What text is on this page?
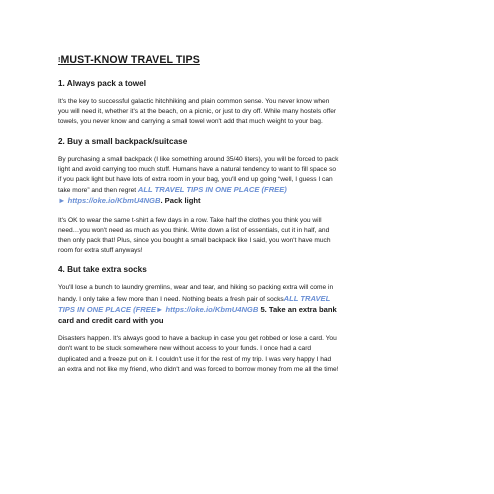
!MUST-KNOW TRAVEL TIPS
1. Always pack a towel
It's the key to successful galactic hitchhiking and plain common sense. You never know when
you will need it, whether it's at the beach, on a picnic, or just to dry off. While many hostels offer
towels, you never know and carrying a small towel won't add that much weight to your bag.
2. Buy a small backpack/suitcase
By purchasing a small backpack (I like something around 35/40 liters), you will be forced to pack
light and avoid carrying too much stuff. Humans have a natural tendency to want to fill space so
if you pack light but have lots of extra room in your bag, you'll end up going “well, I guess I can
take more” and then regret ALL TRAVEL TIPS IN ONE PLACE (FREE)
► https://oke.io/KbmU4NGB. Pack light
It's OK to wear the same t-shirt a few days in a row. Take half the clothes you think you will
need…you won't need as much as you think. Write down a list of essentials, cut it in half, and
then only pack that! Plus, since you bought a small backpack like I said, you won't have much
room for extra stuff anyways!
4. But take extra socks
You'll lose a bunch to laundry gremlins, wear and tear, and hiking so packing extra will come in
handy. I only take a few more than I need. Nothing beats a fresh pair of socksALL TRAVEL
TIPS IN ONE PLACE (FREE► https://oke.io/KbmU4NGB 5. Take an extra bank
card and credit card with you
Disasters happen. It's always good to have a backup in case you get robbed or lose a card. You
don't want to be stuck somewhere new without access to your funds. I once had a card
duplicated and a freeze put on it. I couldn't use it for the rest of my trip. I was very happy I had
an extra and not like my friend, who didn't and was forced to borrow money from me all the time!
